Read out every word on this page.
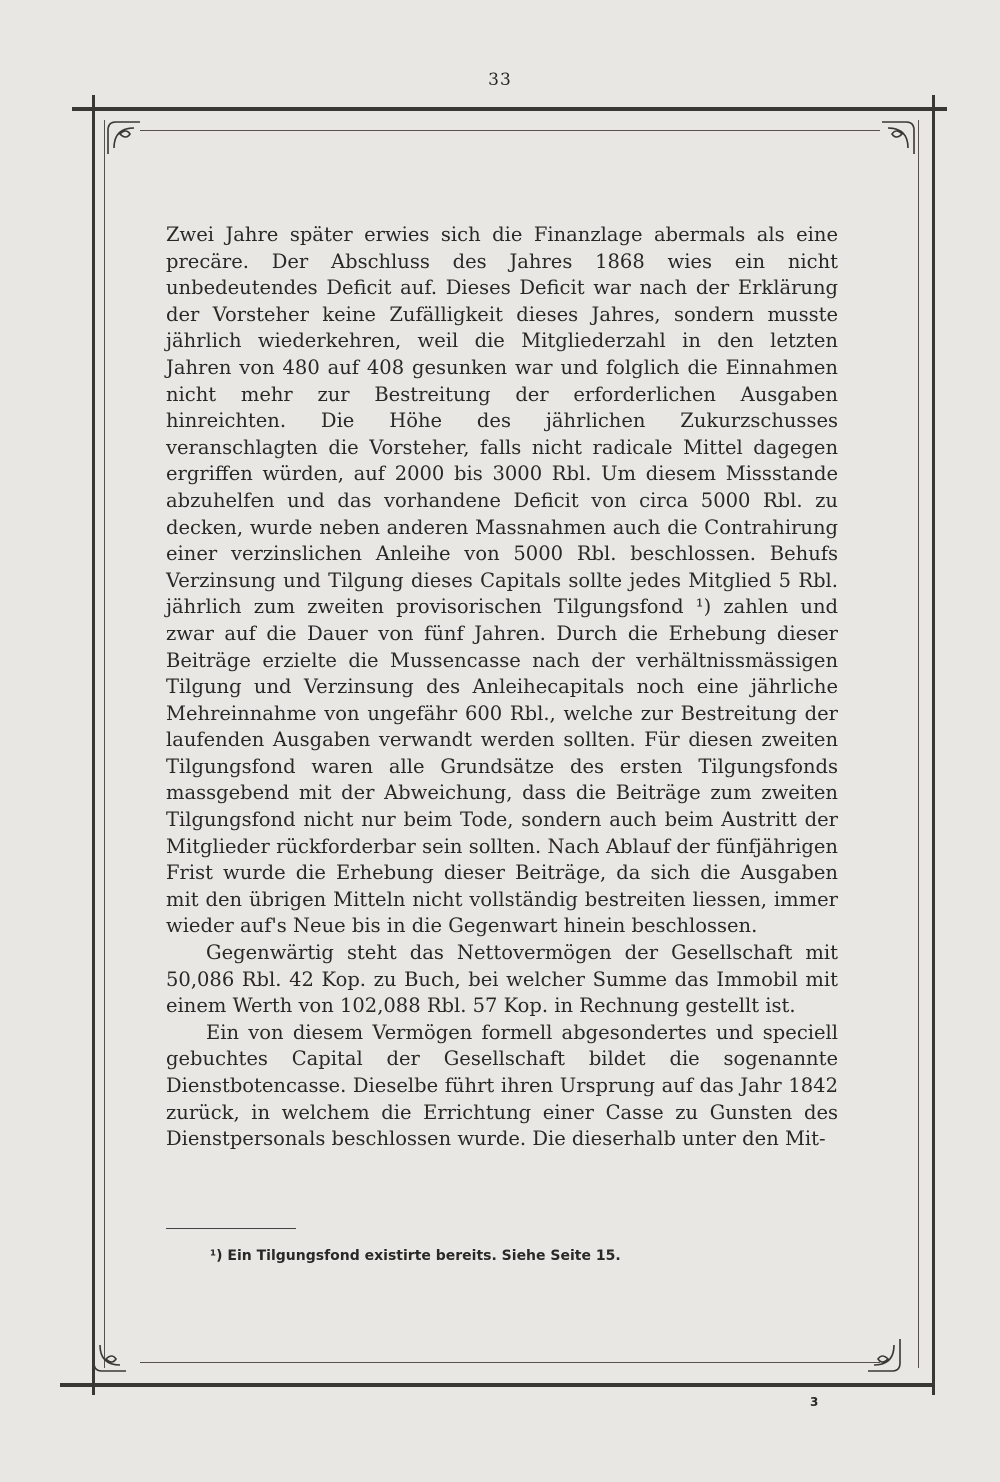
33

Zwei Jahre später erwies sich die Finanzlage abermals als eine precäre. Der Abschluss des Jahres 1868 wies ein nicht unbedeutendes Deficit auf. Dieses Deficit war nach der Erklärung der Vorsteher keine Zufälligkeit dieses Jahres, sondern musste jährlich wiederkehren, weil die Mitgliederzahl in den letzten Jahren von 480 auf 408 gesunken war und folglich die Einnahmen nicht mehr zur Bestreitung der erforderlichen Ausgaben hinreichten. Die Höhe des jährlichen Zukurzschusses veranschlagten die Vorsteher, falls nicht radicale Mittel dagegen ergriffen würden, auf 2000 bis 3000 Rbl. Um diesem Missstande abzuhelfen und das vorhandene Deficit von circa 5000 Rbl. zu decken, wurde neben anderen Massnahmen auch die Contrahirung einer verzinslichen Anleihe von 5000 Rbl. beschlossen. Behufs Verzinsung und Tilgung dieses Capitals sollte jedes Mitglied 5 Rbl. jährlich zum zweiten provisorischen Tilgungsfond ¹) zahlen und zwar auf die Dauer von fünf Jahren. Durch die Erhebung dieser Beiträge erzielte die Mussencasse nach der verhältnissmässigen Tilgung und Verzinsung des Anleihecapitals noch eine jährliche Mehreinnahme von ungefähr 600 Rbl., welche zur Bestreitung der laufenden Ausgaben verwandt werden sollten. Für diesen zweiten Tilgungsfond waren alle Grundsätze des ersten Tilgungsfonds massgebend mit der Abweichung, dass die Beiträge zum zweiten Tilgungsfond nicht nur beim Tode, sondern auch beim Austritt der Mitglieder rückforderbar sein sollten. Nach Ablauf der fünfjährigen Frist wurde die Erhebung dieser Beiträge, da sich die Ausgaben mit den übrigen Mitteln nicht vollständig bestreiten liessen, immer wieder auf's Neue bis in die Gegenwart hinein beschlossen.

Gegenwärtig steht das Nettovermögen der Gesellschaft mit 50,086 Rbl. 42 Kop. zu Buch, bei welcher Summe das Immobil mit einem Werth von 102,088 Rbl. 57 Kop. in Rechnung gestellt ist.

Ein von diesem Vermögen formell abgesondertes und speciell gebuchtes Capital der Gesellschaft bildet die sogenannte Dienstbotencasse. Dieselbe führt ihren Ursprung auf das Jahr 1842 zurück, in welchem die Errichtung einer Casse zu Gunsten des Dienstpersonals beschlossen wurde. Die dieserhalb unter den Mit-

¹) Ein Tilgungsfond existirte bereits. Siehe Seite 15.
3
